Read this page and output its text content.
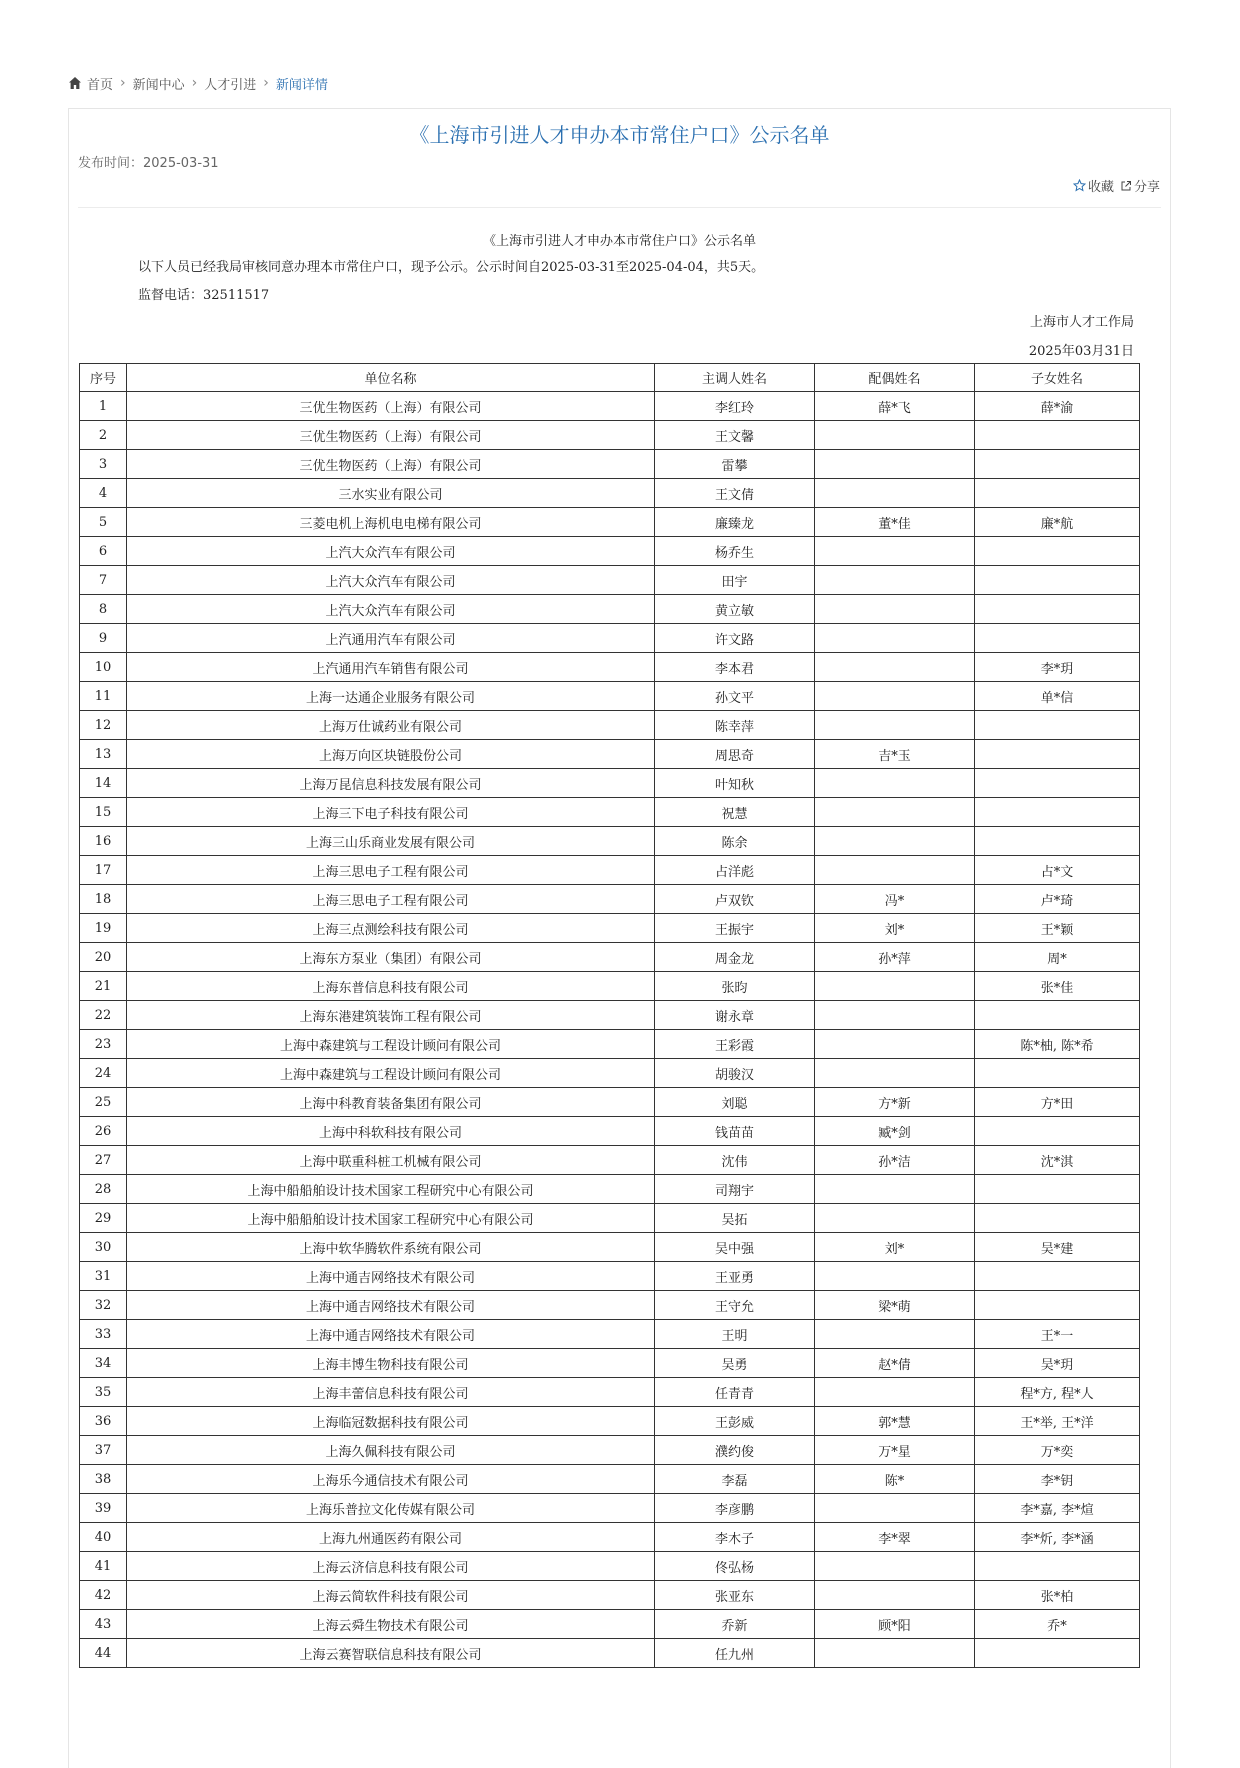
首页 › 新闻中心 › 人才引进 › 新闻详情
《上海市引进人才申办本市常住户口》公示名单
发布时间：2025-03-31
收藏 分享
《上海市引进人才申办本市常住户口》公示名单
以下人员已经我局审核同意办理本市常住户口，现予公示。公示时间自2025-03-31至2025-04-04，共5天。
监督电话：32511517
上海市人才工作局
2025年03月31日
序号	单位名称	主调人姓名	配偶姓名	子女姓名
1	三优生物医药（上海）有限公司	李红玲	薛*飞	薛*渝
2	三优生物医药（上海）有限公司	王文馨		
3	三优生物医药（上海）有限公司	雷攀		
4	三水实业有限公司	王文倩		
5	三菱电机上海机电电梯有限公司	廉臻龙	董*佳	廉*航
6	上汽大众汽车有限公司	杨乔生		
7	上汽大众汽车有限公司	田宇		
8	上汽大众汽车有限公司	黄立敏		
9	上汽通用汽车有限公司	许文路		
10	上汽通用汽车销售有限公司	李本君		李*玥
11	上海一达通企业服务有限公司	孙文平		单*信
12	上海万仕诚药业有限公司	陈幸萍		
13	上海万向区块链股份公司	周思奇	吉*玉	
14	上海万昆信息科技发展有限公司	叶知秋		
15	上海三下电子科技有限公司	祝慧		
16	上海三山乐商业发展有限公司	陈余		
17	上海三思电子工程有限公司	占洋彪		占*文
18	上海三思电子工程有限公司	卢双钦	冯*	卢*琦
19	上海三点测绘科技有限公司	王振宇	刘*	王*颖
20	上海东方泵业（集团）有限公司	周金龙	孙*萍	周*
21	上海东普信息科技有限公司	张昀		张*佳
22	上海东港建筑装饰工程有限公司	谢永章		
23	上海中森建筑与工程设计顾问有限公司	王彩霞		陈*柚, 陈*希
24	上海中森建筑与工程设计顾问有限公司	胡骏汉		
25	上海中科教育装备集团有限公司	刘聪	方*新	方*田
26	上海中科软科技有限公司	钱苗苗	臧*剑	
27	上海中联重科桩工机械有限公司	沈伟	孙*洁	沈*淇
28	上海中船船舶设计技术国家工程研究中心有限公司	司翔宇		
29	上海中船船舶设计技术国家工程研究中心有限公司	吴拓		
30	上海中软华腾软件系统有限公司	吴中强	刘*	吴*建
31	上海中通吉网络技术有限公司	王亚勇		
32	上海中通吉网络技术有限公司	王守允	梁*萌	
33	上海中通吉网络技术有限公司	王明		王*一
34	上海丰博生物科技有限公司	吴勇	赵*倩	吴*玥
35	上海丰蕾信息科技有限公司	任青青		程*方, 程*人
36	上海临冠数据科技有限公司	王彭威	郭*慧	王*举, 王*洋
37	上海久佩科技有限公司	濮约俊	万*星	万*奕
38	上海乐今通信技术有限公司	李磊	陈*	李*钥
39	上海乐普拉文化传媒有限公司	李彦鹏		李*嘉, 李*煊
40	上海九州通医药有限公司	李木子	李*翠	李*炘, 李*涵
41	上海云济信息科技有限公司	佟弘杨		
42	上海云简软件科技有限公司	张亚东		张*柏
43	上海云舜生物技术有限公司	乔新	顾*阳	乔*
44	上海云赛智联信息科技有限公司	任九州		
